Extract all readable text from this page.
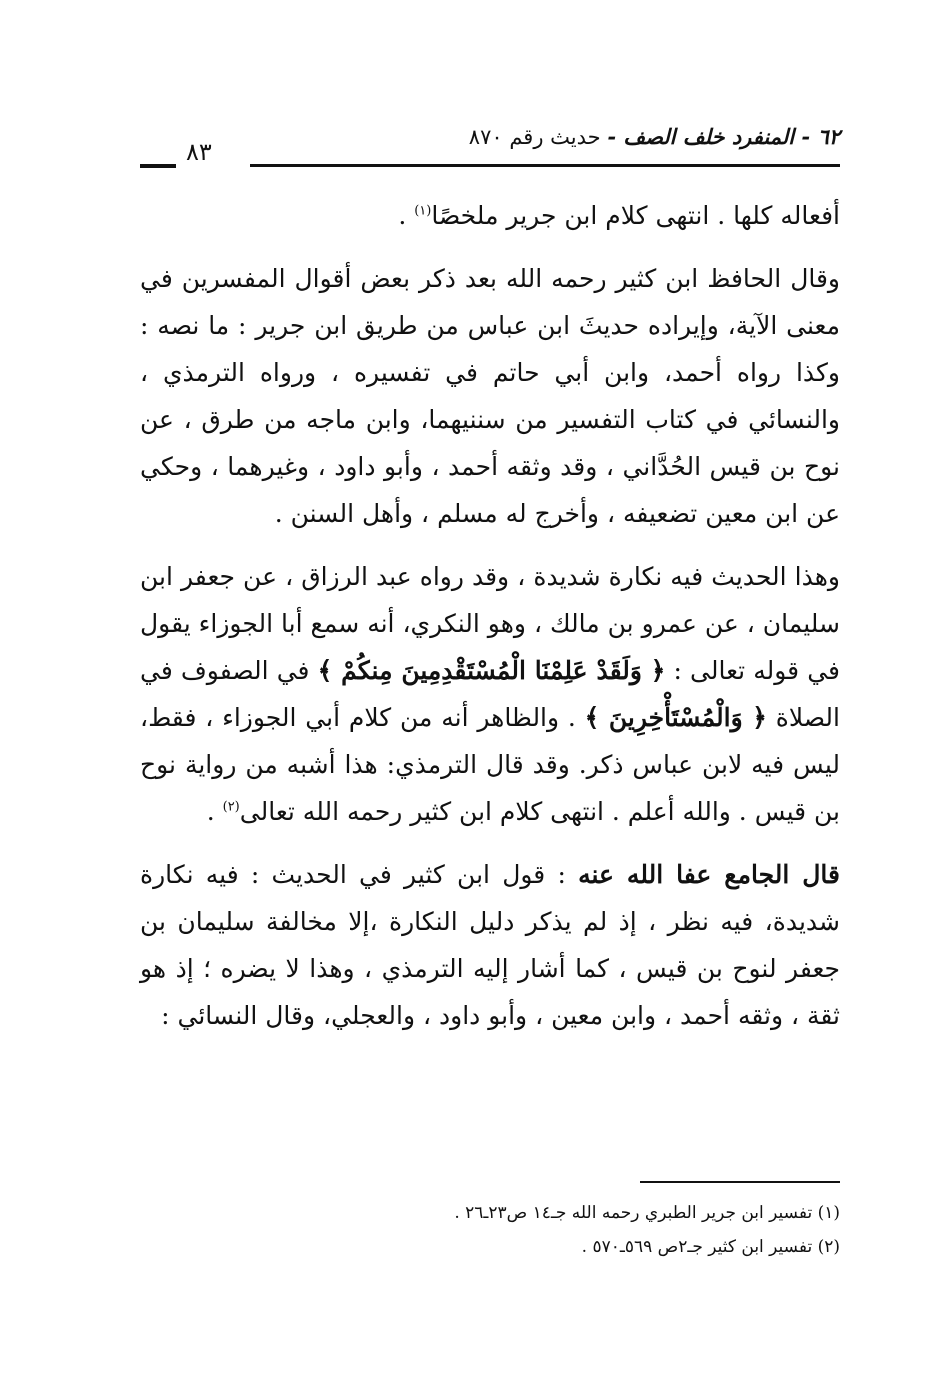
٦٢ - المنفرد خلف الصف - حديث رقم ٨٧٠
٨٣

أفعاله كلها . انتهى كلام ابن جرير ملخصًا$^{(١)}$ .

وقال الحافظ ابن كثير رحمه الله بعد ذكر بعض أقوال المفسرين في معنى الآية، وإيراده حديثَ ابن عباس من طريق ابن جرير : ما نصه : وكذا رواه أحمد، وابن أبي حاتم في تفسيره ، ورواه الترمذي ، والنسائي في كتاب التفسير من سننيهما، وابن ماجه من طرق ، عن نوح بن قيس الحُدَّاني ، وقد وثقه أحمد ، وأبو داود ، وغيرهما ، وحكي عن ابن معين تضعيفه ، وأخرج له مسلم ، وأهل السنن .

وهذا الحديث فيه نكارة شديدة ، وقد رواه عبد الرزاق ، عن جعفر ابن سليمان ، عن عمرو بن مالك ، وهو النكري، أنه سمع أبا الجوزاء يقول في قوله تعالى : ﴿ وَلَقَدْ عَلِمْنَا الْمُسْتَقْدِمِينَ مِنكُمْ ﴾ في الصفوف في الصلاة ﴿ وَالْمُسْتَأْخِرِينَ ﴾ . والظاهر أنه من كلام أبي الجوزاء ، فقط، ليس فيه لابن عباس ذكر. وقد قال الترمذي: هذا أشبه من رواية نوح بن قيس . والله أعلم . انتهى كلام ابن كثير رحمه الله تعالى$^{(٢)}$ .

قال الجامع عفا الله عنه : قول ابن كثير في الحديث : فيه نكارة شديدة، فيه نظر ، إذ لم يذكر دليل النكارة ،إلا مخالفة سليمان بن جعفر لنوح بن قيس ، كما أشار إليه الترمذي ، وهذا لا يضره ؛ إذ هو ثقة ، وثقه أحمد ، وابن معين ، وأبو داود ، والعجلي، وقال النسائي :

(١) تفسير ابن جرير الطبري رحمه الله جـ١٤ ص٢٣ـ٢٦ .

(٢) تفسير ابن كثير جـ٢ص ٥٦٩ـ٥٧٠ .
